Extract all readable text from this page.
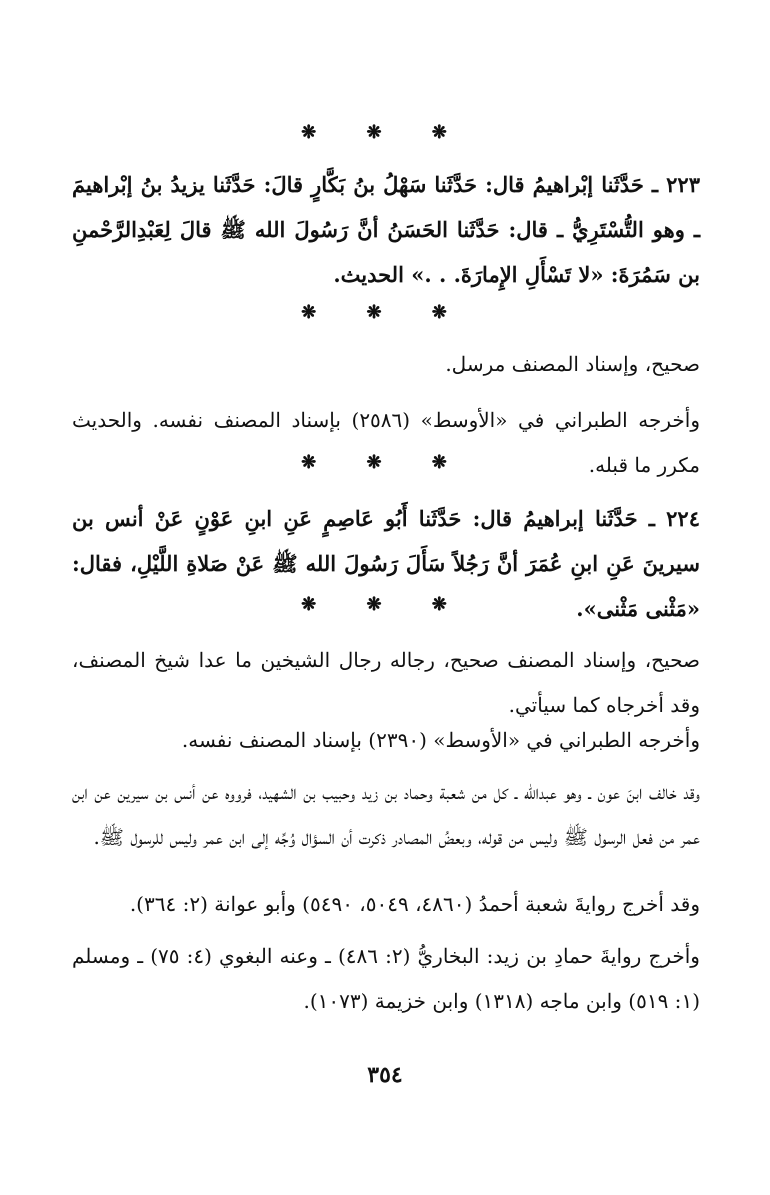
❋ ❋ ❋
٢٢٣ ـ حَدَّثَنا إبْراهيمُ قال: حَدَّثَنا سَهْلُ بنُ بَكَّارٍ قالَ: حَدَّثَنا يزيدُ بنُ إبْراهيمَ ـ وهو التُّسْتَرِيُّ ـ قال: حَدَّثَنا الحَسَنُ أنَّ رَسُولَ الله ﷺ قالَ لِعَبْدِالرَّحْمنِ بن سَمُرَةَ: «لا تَسْأَلِ الإِمارَةَ. . .» الحديث.
❋ ❋ ❋
صحيح، وإسناد المصنف مرسل.
وأخرجه الطبراني في «الأوسط» (٢٥٨٦) بإسناد المصنف نفسه. والحديث مكرر ما قبله.
❋ ❋ ❋
٢٢٤ ـ حَدَّثَنا إبراهيمُ قال: حَدَّثَنا أَبُو عَاصِمٍ عَنِ ابنِ عَوْنٍ عَنْ أنس بن سيرينَ عَنِ ابنِ عُمَرَ أنَّ رَجُلاً سَأَلَ رَسُولَ الله ﷺ عَنْ صَلاةِ اللَّيْلِ، فقال: «مَثْنى مَثْنى».
❋ ❋ ❋
صحيح، وإسناد المصنف صحيح، رجاله رجال الشيخين ما عدا شيخ المصنف، وقد أخرجاه كما سيأتي.
وأخرجه الطبراني في «الأوسط» (٢٣٩٠) بإسناد المصنف نفسه.
وقد خالف ابنَ عون ـ وهو عبدالله ـ كل من شعبة وحماد بن زيد وحبيب بن الشهيد، فرووه عن أنس بن سيرين عن ابن عمر من فعل الرسول ﷺ وليس من قوله، وبعضُ المصادر ذكرت أن السؤال وُجِّه إلى ابن عمر وليس للرسول ﷺ.
وقد أخرج روايةَ شعبة أحمدُ (٤٨٦٠، ٥٠٤٩، ٥٤٩٠) وأبو عوانة (٢: ٣٦٤).
وأخرج روايةَ حمادِ بن زيد: البخاريُّ (٢: ٤٨٦) ـ وعنه البغوي (٤: ٧٥) ـ ومسلم (١: ٥١٩) وابن ماجه (١٣١٨) وابن خزيمة (١٠٧٣).
٣٥٤
